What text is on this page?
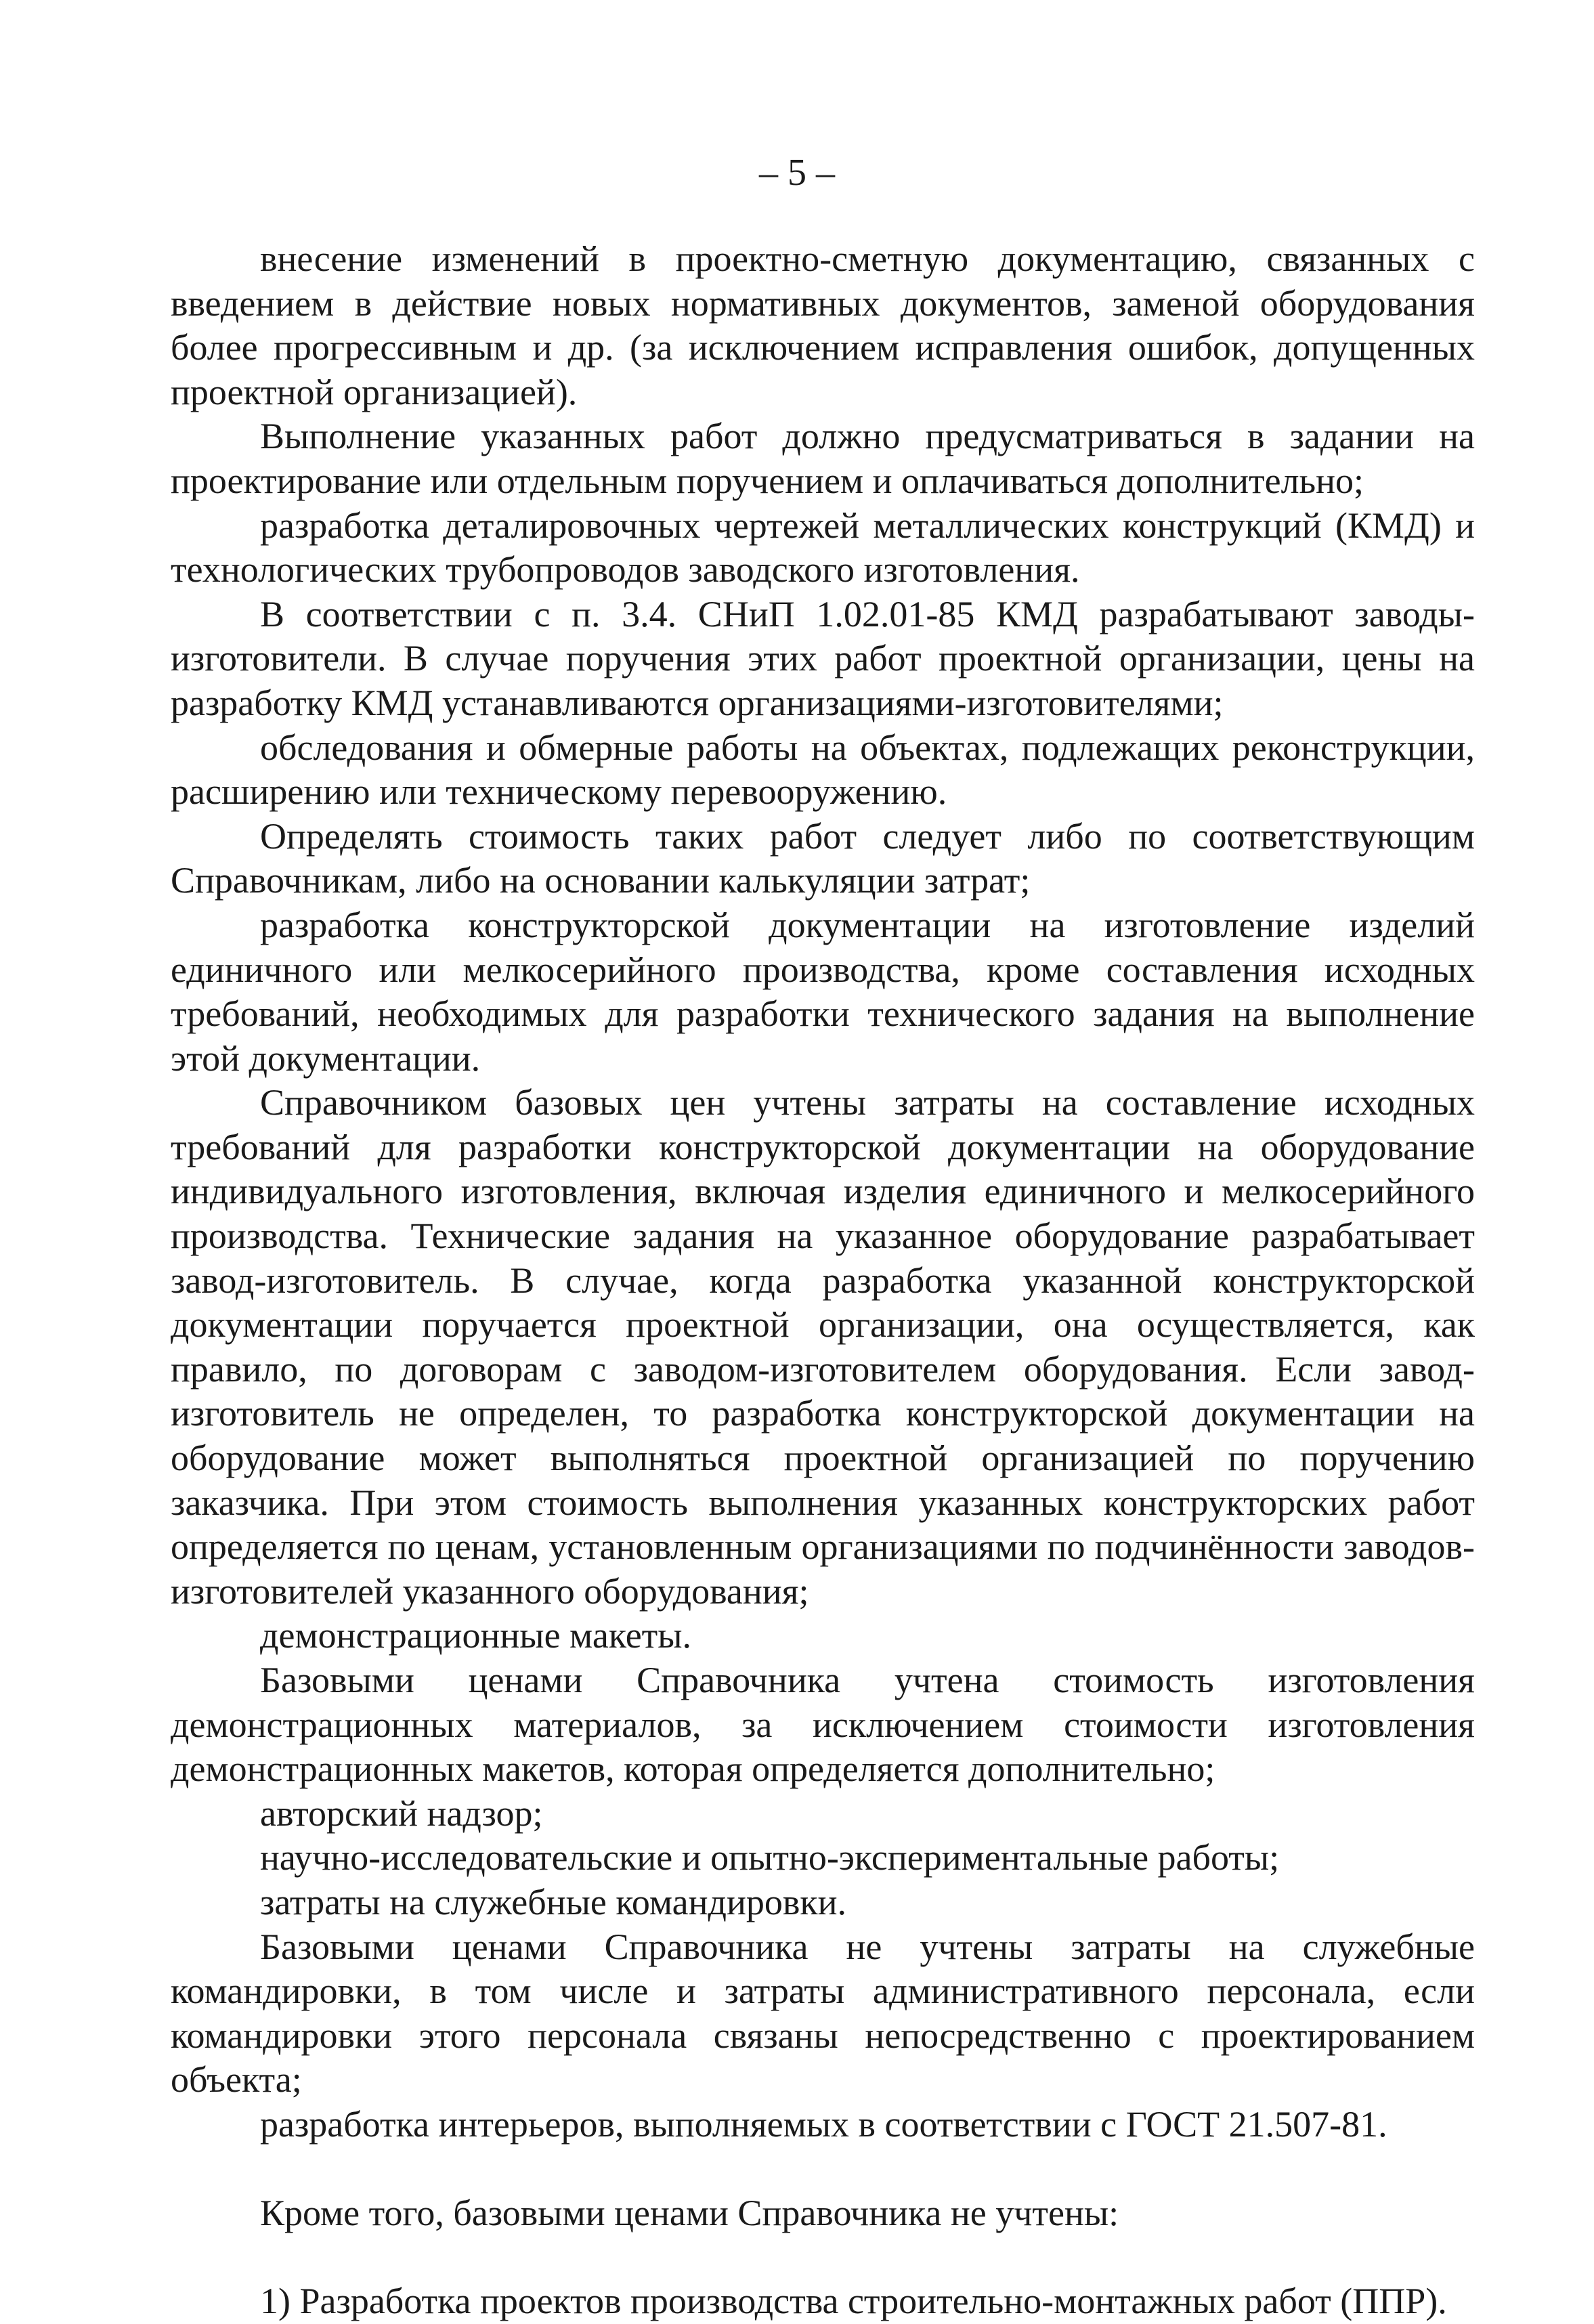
– 5 –

внесение изменений в проектно-сметную документацию, связанных с введением в действие новых нормативных документов, заменой оборудования более прогрессивным и др. (за исключением исправления ошибок, допущенных проектной организацией).

Выполнение указанных работ должно предусматриваться в задании на проектирование или отдельным поручением и оплачиваться дополнительно;

разработка деталировочных чертежей металлических конструкций (КМД) и технологических трубопроводов заводского изготовления.

В соответствии с п. 3.4. СНиП 1.02.01-85 КМД разрабатывают заводы-изготовители. В случае поручения этих работ проектной организации, цены на разработку КМД устанавливаются организациями-изготовителями;

обследования и обмерные работы на объектах, подлежащих реконструкции, расширению или техническому перевооружению.

Определять стоимость таких работ следует либо по соответствующим Справочникам, либо на основании калькуляции затрат;

разработка конструкторской документации на изготовление изделий единичного или мелкосерийного производства, кроме составления исходных требований, необходимых для разработки технического задания на выполнение этой документации.

Справочником базовых цен учтены затраты на составление исходных требований для разработки конструкторской документации на оборудование индивидуального изготовления, включая изделия единичного и мелкосерийного производства. Технические задания на указанное оборудование разрабатывает завод-изготовитель. В случае, когда разработка указанной конструкторской документации поручается проектной организации, она осуществляется, как правило, по договорам с заводом-изготовителем оборудования. Если завод-изготовитель не определен, то разработка конструкторской документации на оборудование может выполняться проектной организацией по поручению заказчика. При этом стоимость выполнения указанных конструкторских работ определяется по ценам, установленным организациями по подчинённости заводов-изготовителей указанного оборудования;

демонстрационные макеты.

Базовыми ценами Справочника учтена стоимость изготовления демонстрационных материалов, за исключением стоимости изготовления демонстрационных макетов, которая определяется дополнительно;

авторский надзор;

научно-исследовательские и опытно-экспериментальные работы;

затраты на служебные командировки.

Базовыми ценами Справочника не учтены затраты на служебные командировки, в том числе и затраты административного персонала, если командировки этого персонала связаны непосредственно с проектированием объекта;

разработка интерьеров, выполняемых в соответствии с ГОСТ 21.507-81.

Кроме того, базовыми ценами Справочника не учтены:

1) Разработка проектов производства строительно-монтажных работ (ППР).
